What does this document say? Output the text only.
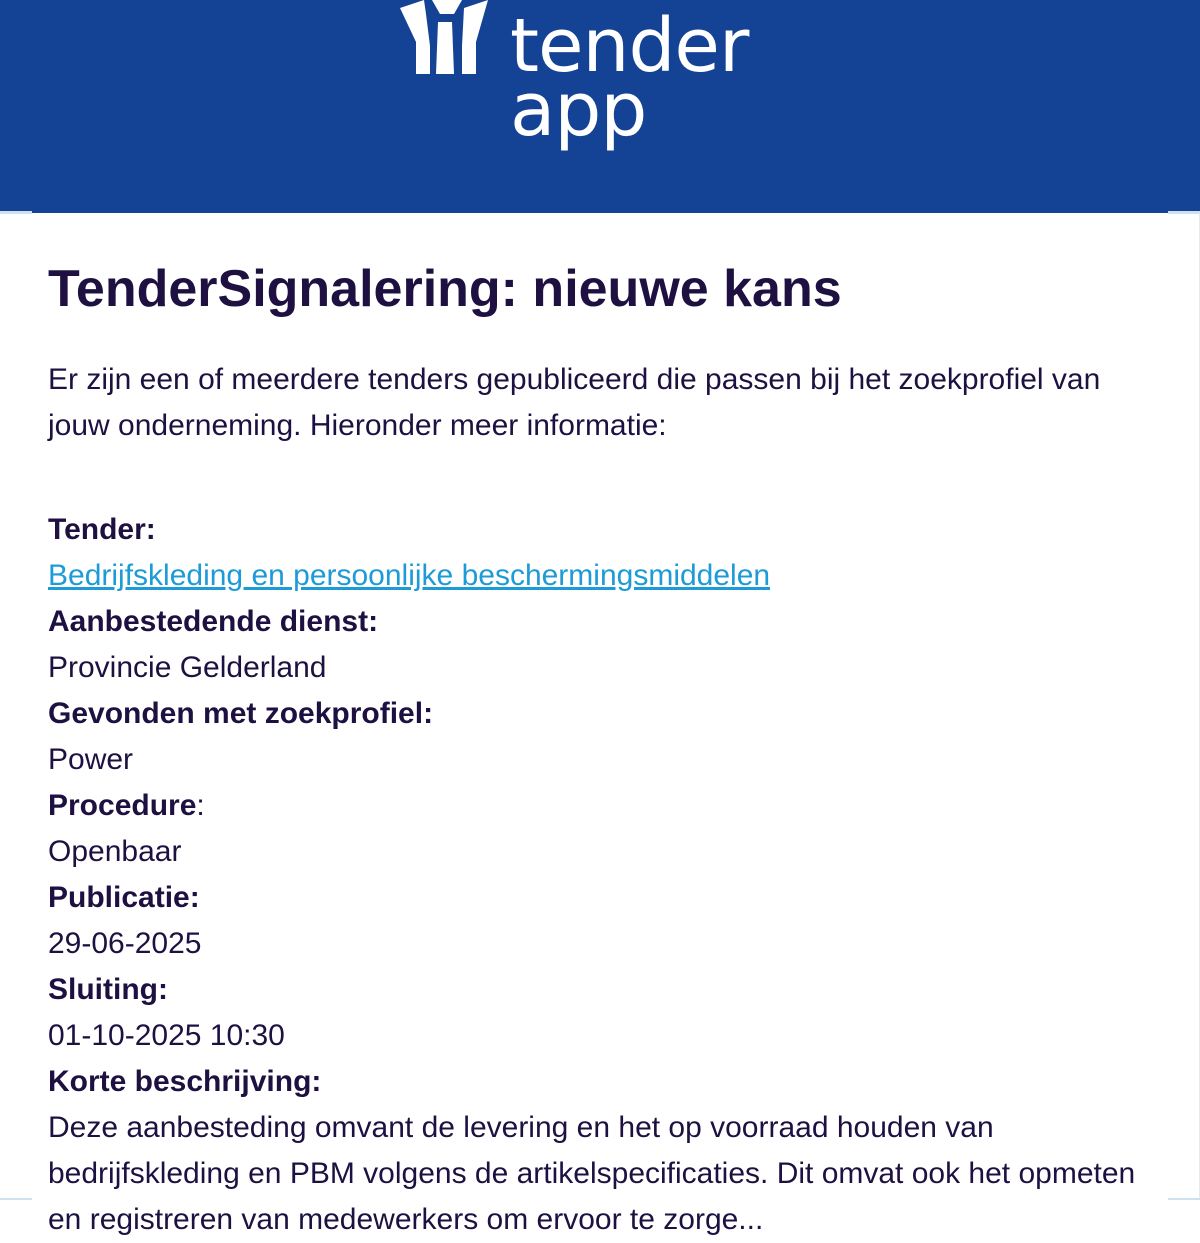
tender
app
TenderSignalering: nieuwe kans

Er zijn een of meerdere tenders gepubliceerd die passen bij het zoekprofiel van jouw onderneming. Hieronder meer informatie:

Tender:
Bedrijfskleding en persoonlijke beschermingsmiddelen
Aanbestedende dienst:
Provincie Gelderland
Gevonden met zoekprofiel:
Power
Procedure:
Openbaar
Publicatie:
29-06-2025
Sluiting:
01-10-2025 10:30
Korte beschrijving:
Deze aanbesteding omvant de levering en het op voorraad houden van bedrijfskleding en PBM volgens de artikelspecificaties. Dit omvat ook het opmeten en registreren van medewerkers om ervoor te zorge...
